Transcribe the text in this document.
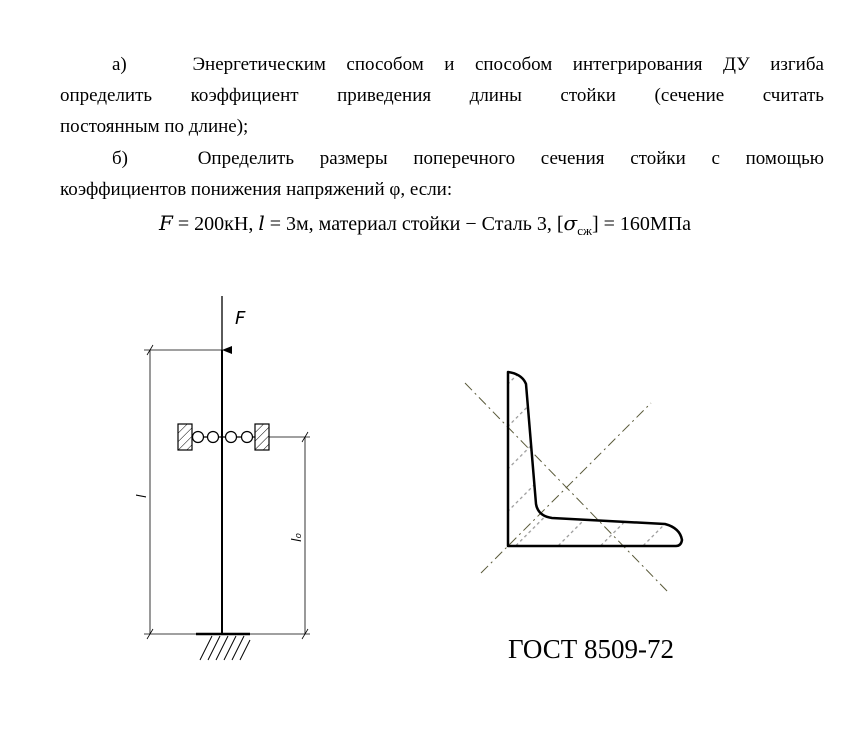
а)	Энергетическим способом и способом интегрирования ДУ изгиба
определить коэффициент приведения длины стойки (сечение считать
постоянным по длине);
б)	Определить размеры поперечного сечения стойки с помощью
коэффициентов понижения напряжений φ, если:
F = 200кН, l = 3м, материал стойки − Сталь 3, $[\sigma_{сж}] = 160МПа$
F
l
l₀
ГОСТ 8509-72
